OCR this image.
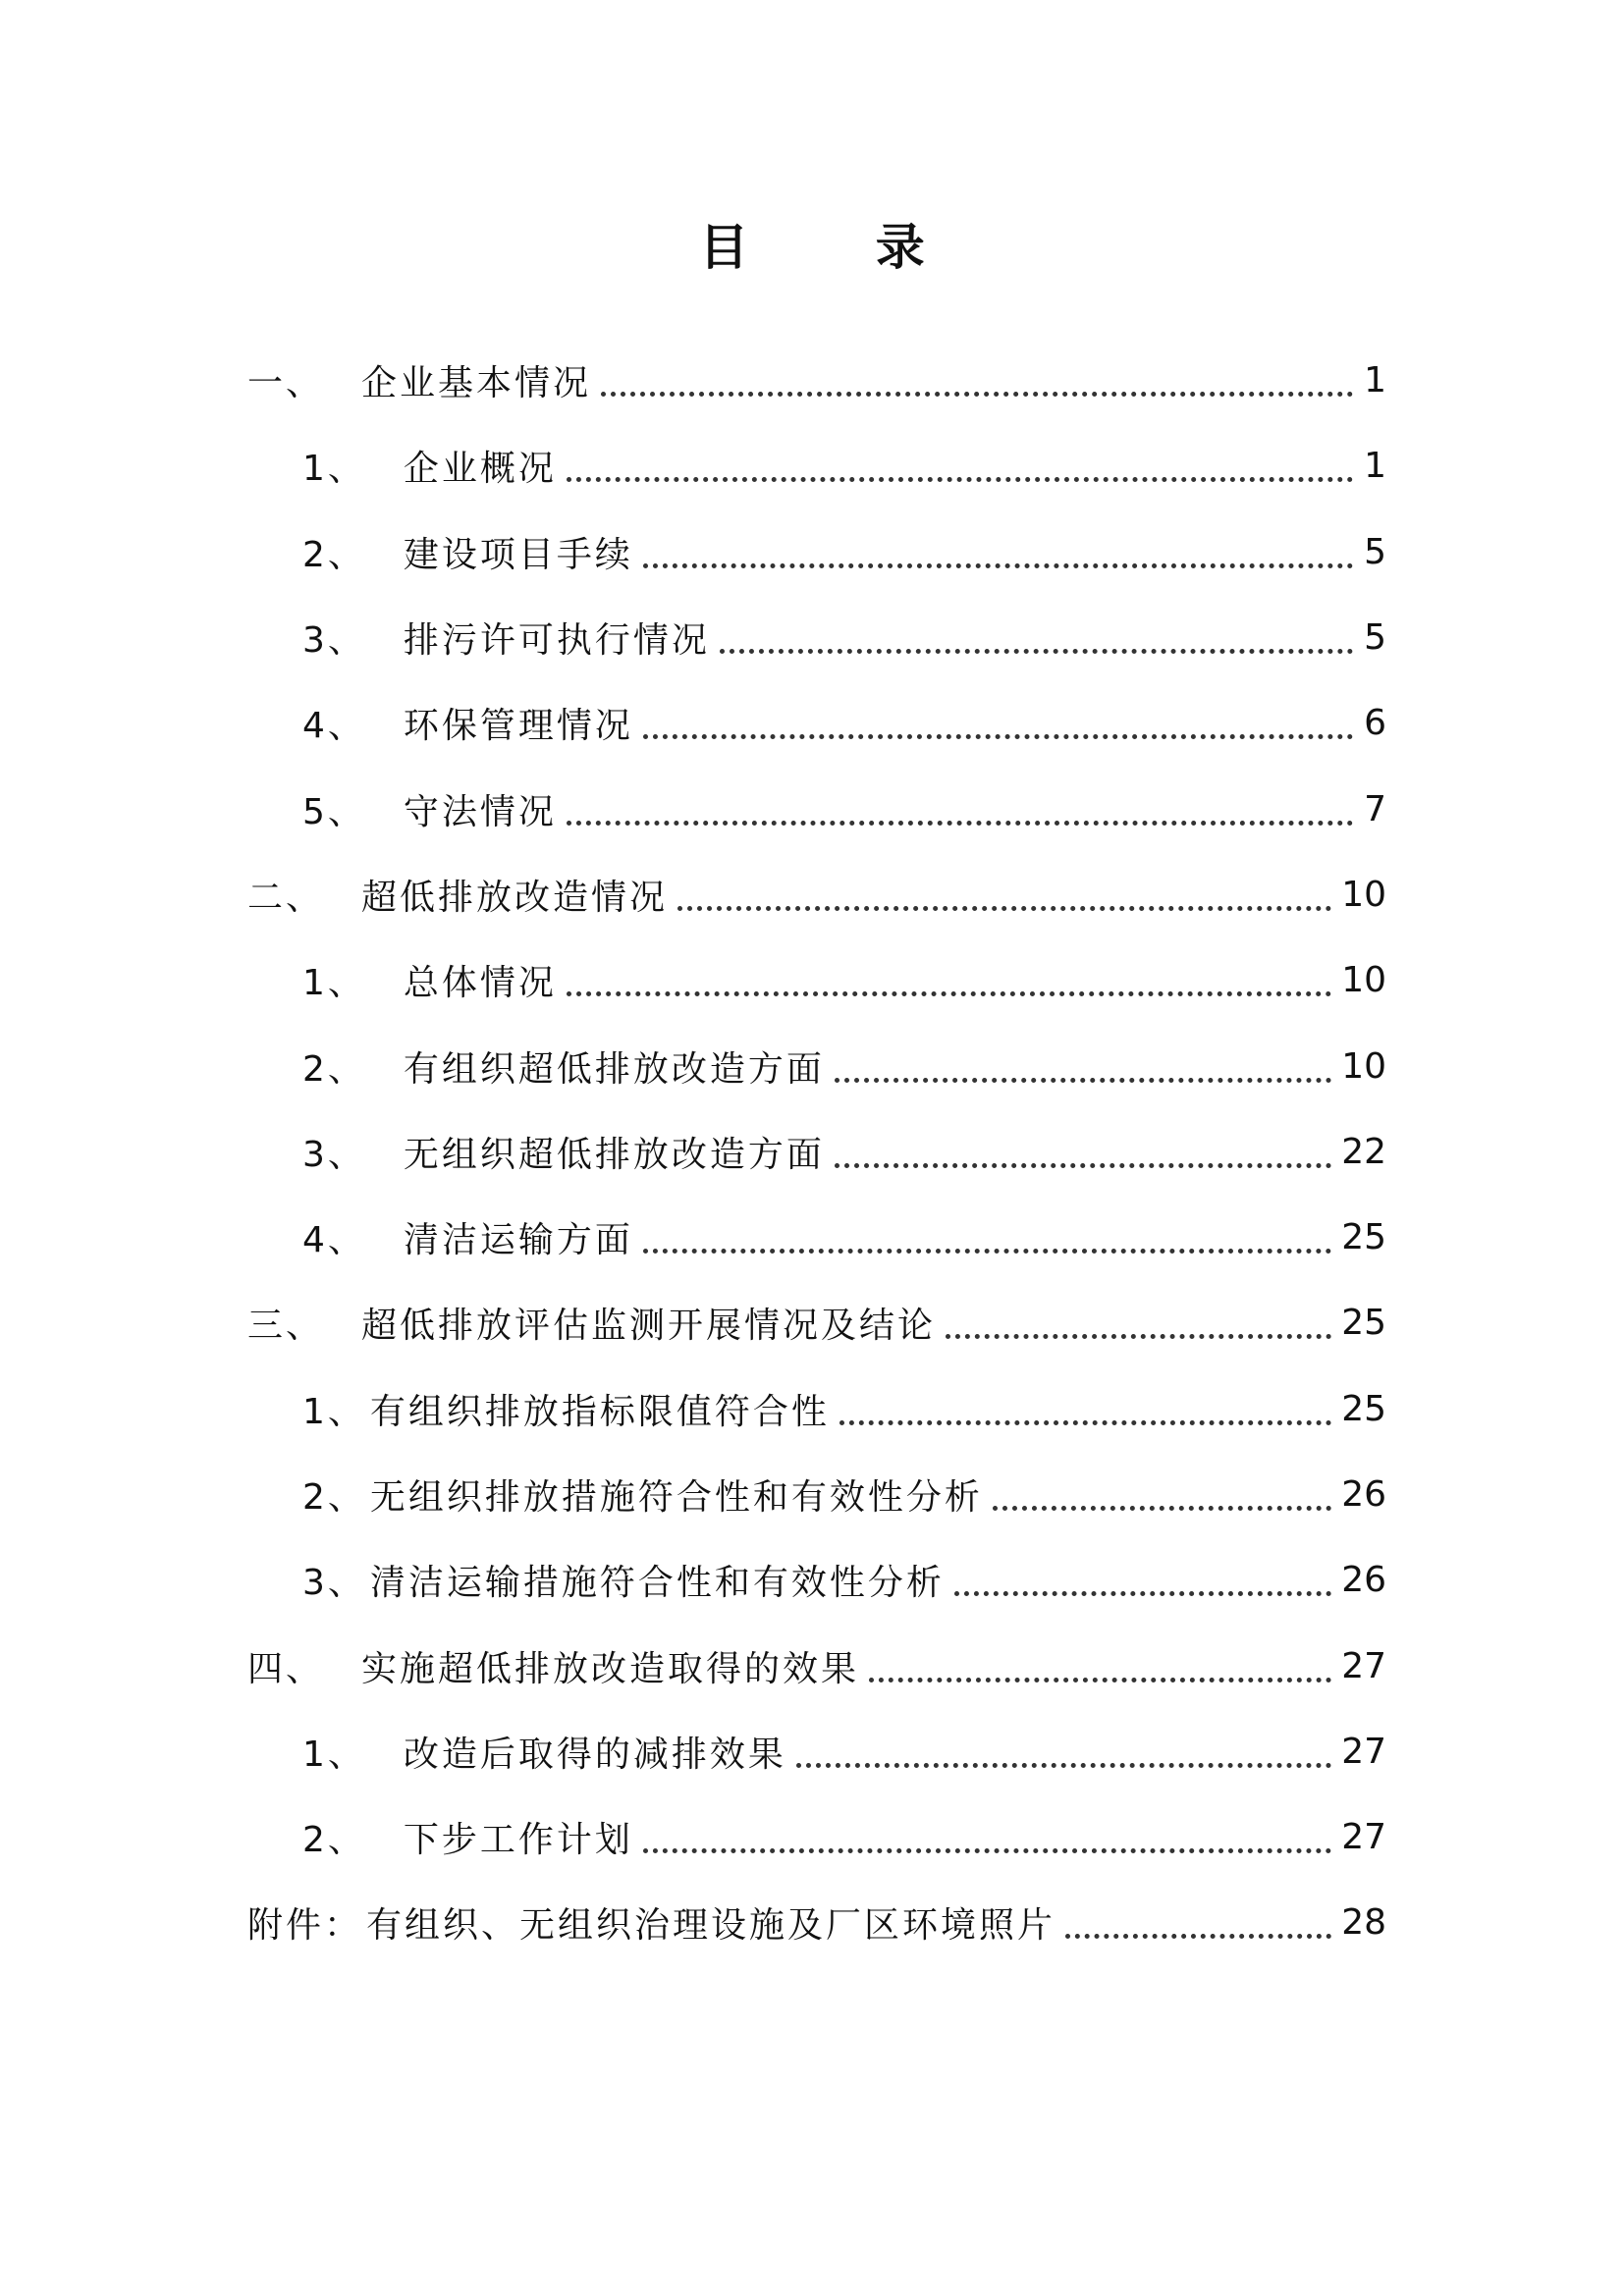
目 录
一、 企业基本情况	1
1、 企业概况	1
2、 建设项目手续	5
3、 排污许可执行情况	5
4、 环保管理情况	6
5、 守法情况	7
二、 超低排放改造情况	10
1、 总体情况	10
2、 有组织超低排放改造方面	10
3、 无组织超低排放改造方面	22
4、 清洁运输方面	25
三、 超低排放评估监测开展情况及结论	25
1、 有组织排放指标限值符合性	25
2、 无组织排放措施符合性和有效性分析	26
3、 清洁运输措施符合性和有效性分析	26
四、 实施超低排放改造取得的效果	27
1、 改造后取得的减排效果	27
2、 下步工作计划	27
附件： 有组织、无组织治理设施及厂区环境照片	28
